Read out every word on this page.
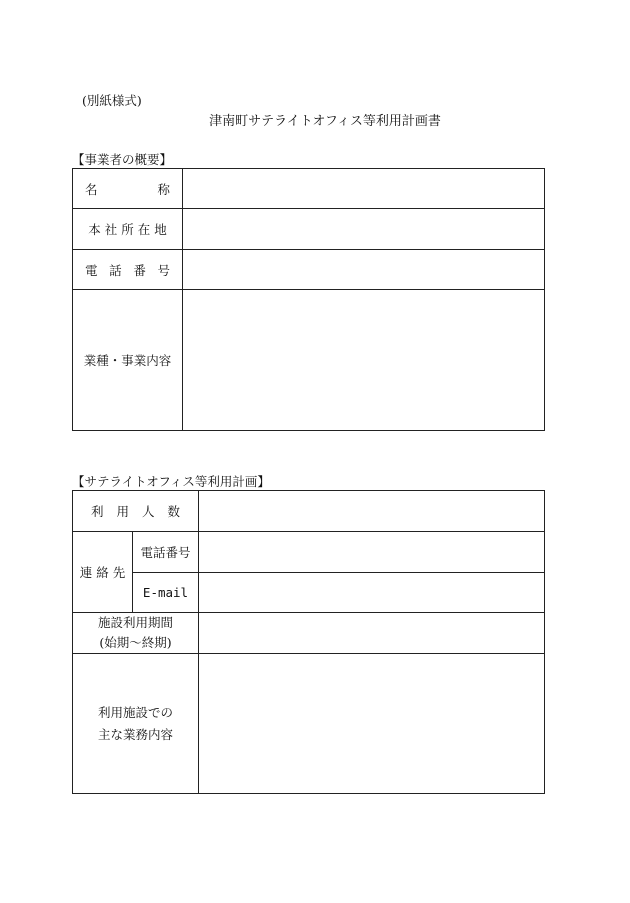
(別紙様式)
津南町サテライトオフィス等利用計画書
【事業者の概要】
名 称	

本 社 所 在 地	

電 話 番 号	

業種・事業内容	
【サテライトオフィス等利用計画】
利 用 人 数		

連 絡 先	電話番号	
	E-mail	

施設利用期間
(始期～終期)		

利用施設での
主な業務内容		
